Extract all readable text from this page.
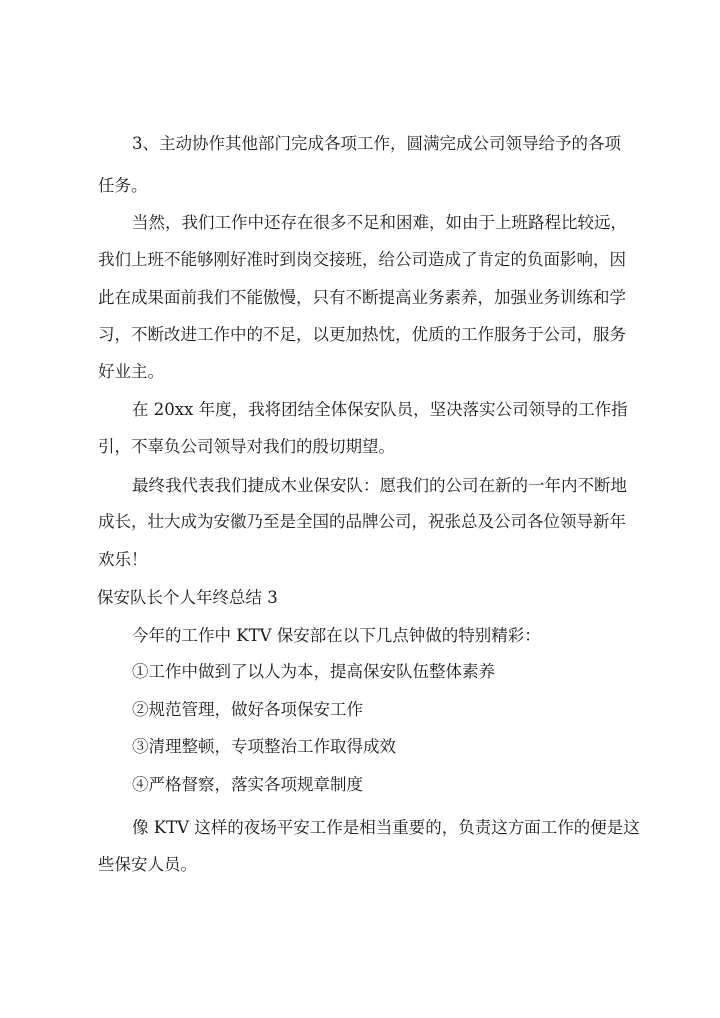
3、主动协作其他部门完成各项工作，圆满完成公司领导给予的各项
任务。
当然，我们工作中还存在很多不足和困难，如由于上班路程比较远，
我们上班不能够刚好准时到岗交接班，给公司造成了肯定的负面影响，因
此在成果面前我们不能傲慢，只有不断提高业务素养，加强业务训练和学
习，不断改进工作中的不足，以更加热忱，优质的工作服务于公司，服务
好业主。
在 20xx 年度，我将团结全体保安队员，坚决落实公司领导的工作指
引，不辜负公司领导对我们的殷切期望。
最终我代表我们捷成木业保安队：愿我们的公司在新的一年内不断地
成长，壮大成为安徽乃至是全国的品牌公司，祝张总及公司各位领导新年
欢乐！
保安队长个人年终总结 3
今年的工作中 KTV 保安部在以下几点钟做的特别精彩：
①工作中做到了以人为本，提高保安队伍整体素养
②规范管理，做好各项保安工作
③清理整顿，专项整治工作取得成效
④严格督察，落实各项规章制度
像 KTV 这样的夜场平安工作是相当重要的，负责这方面工作的便是这
些保安人员。
